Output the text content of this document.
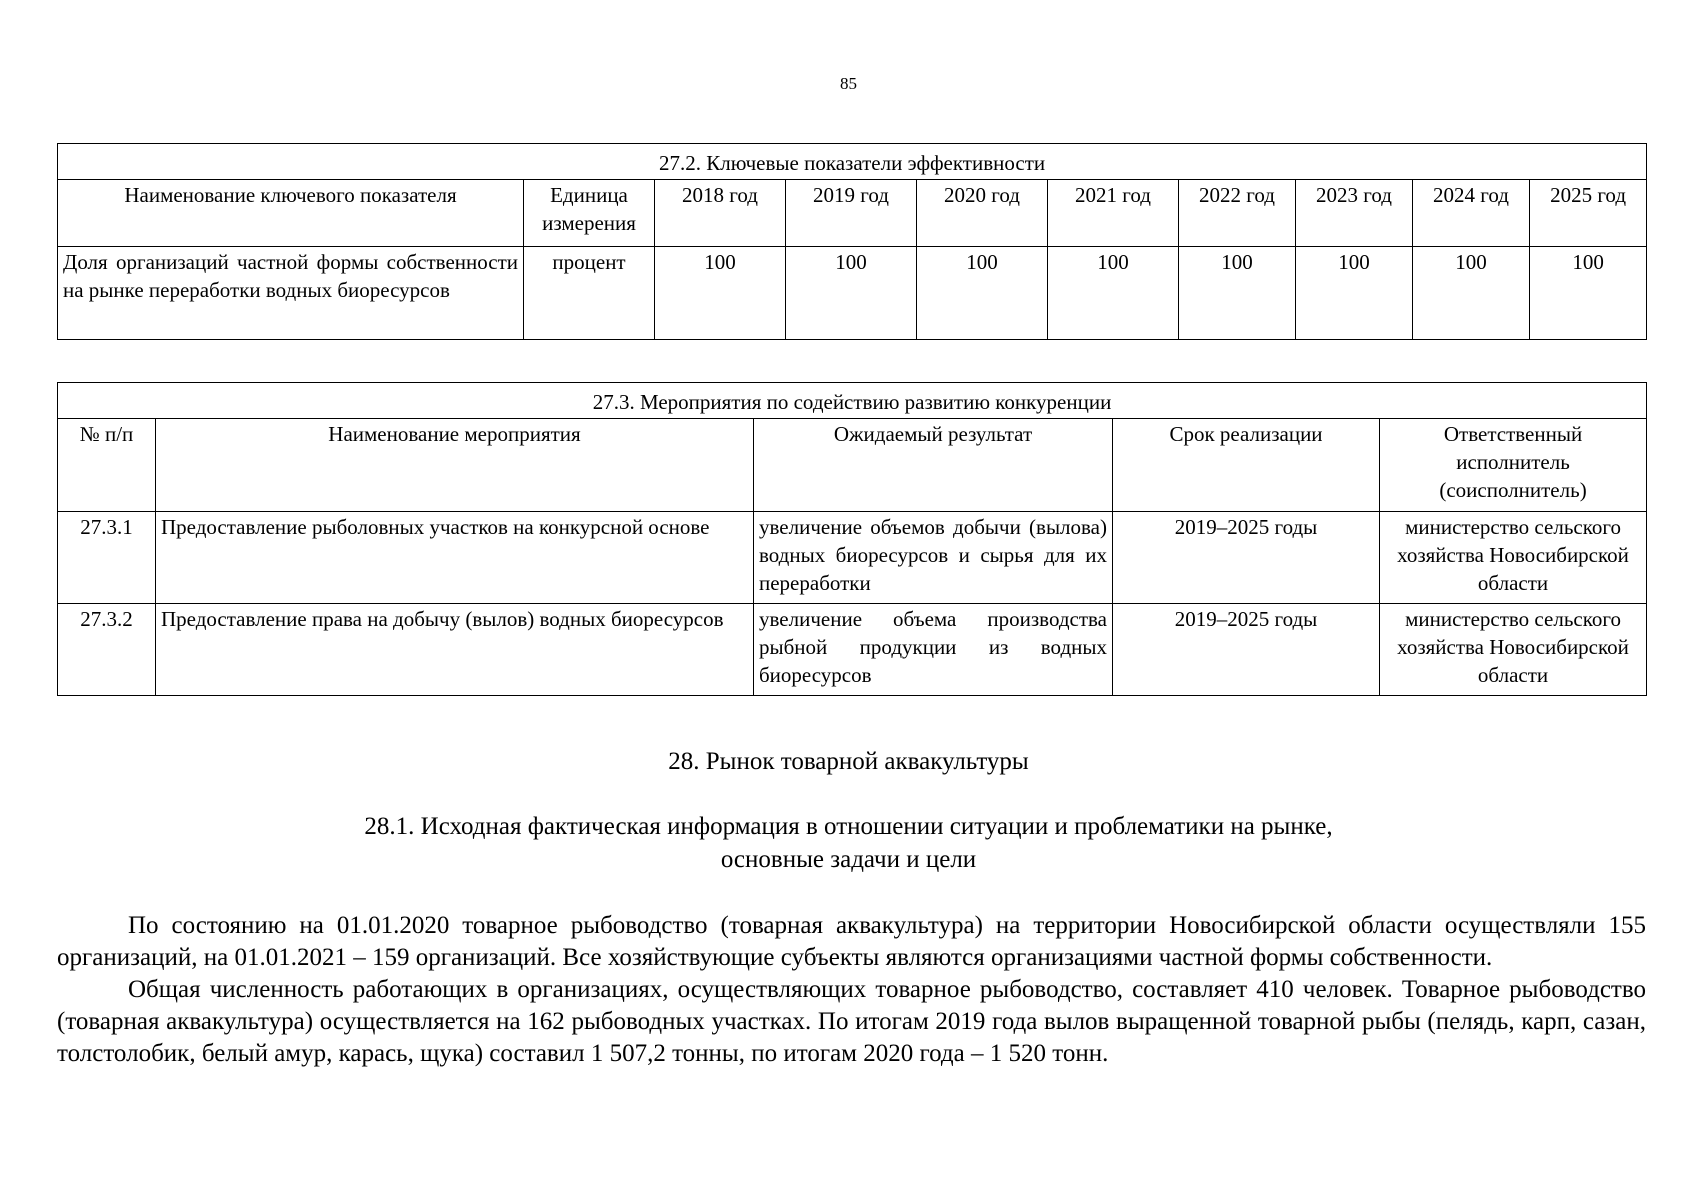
85
27.2. Ключевые показатели эффективности									
Наименование ключевого показателя	Единица измерения	2018 год	2019 год	2020 год	2021 год	2022 год	2023 год	2024 год	2025 год
Доля организаций частной формы собственности на рынке переработки водных биоресурсов	процент	100	100	100	100	100	100	100	100
27.3. Мероприятия по содействию развитию конкуренции				
№ п/п	Наименование мероприятия	Ожидаемый результат	Срок реализации	Ответственный исполнитель (соисполнитель)
27.3.1	Предоставление рыболовных участков на конкурсной основе	увеличение объемов добычи (вылова) водных биоресурсов и сырья для их переработки	2019–2025 годы	министерство сельского хозяйства Новосибирской области
27.3.2	Предоставление права на добычу (вылов) водных биоресурсов	увеличение объема производства рыбной продукции из водных биоресурсов	2019–2025 годы	министерство сельского хозяйства Новосибирской области
28. Рынок товарной аквакультуры
28.1. Исходная фактическая информация в отношении ситуации и проблематики на рынке,
основные задачи и цели

По состоянию на 01.01.2020 товарное рыбоводство (товарная аквакультура) на территории Новосибирской области осуществляли 155 организаций, на 01.01.2021 – 159 организаций. Все хозяйствующие субъекты являются организациями частной формы собственности.

Общая численность работающих в организациях, осуществляющих товарное рыбоводство, составляет 410 человек. Товарное рыбоводство (товарная аквакультура) осуществляется на 162 рыбоводных участках. По итогам 2019 года вылов выращенной товарной рыбы (пелядь, карп, сазан, толстолобик, белый амур, карась, щука) составил 1 507,2 тонны, по итогам 2020 года – 1 520 тонн.
